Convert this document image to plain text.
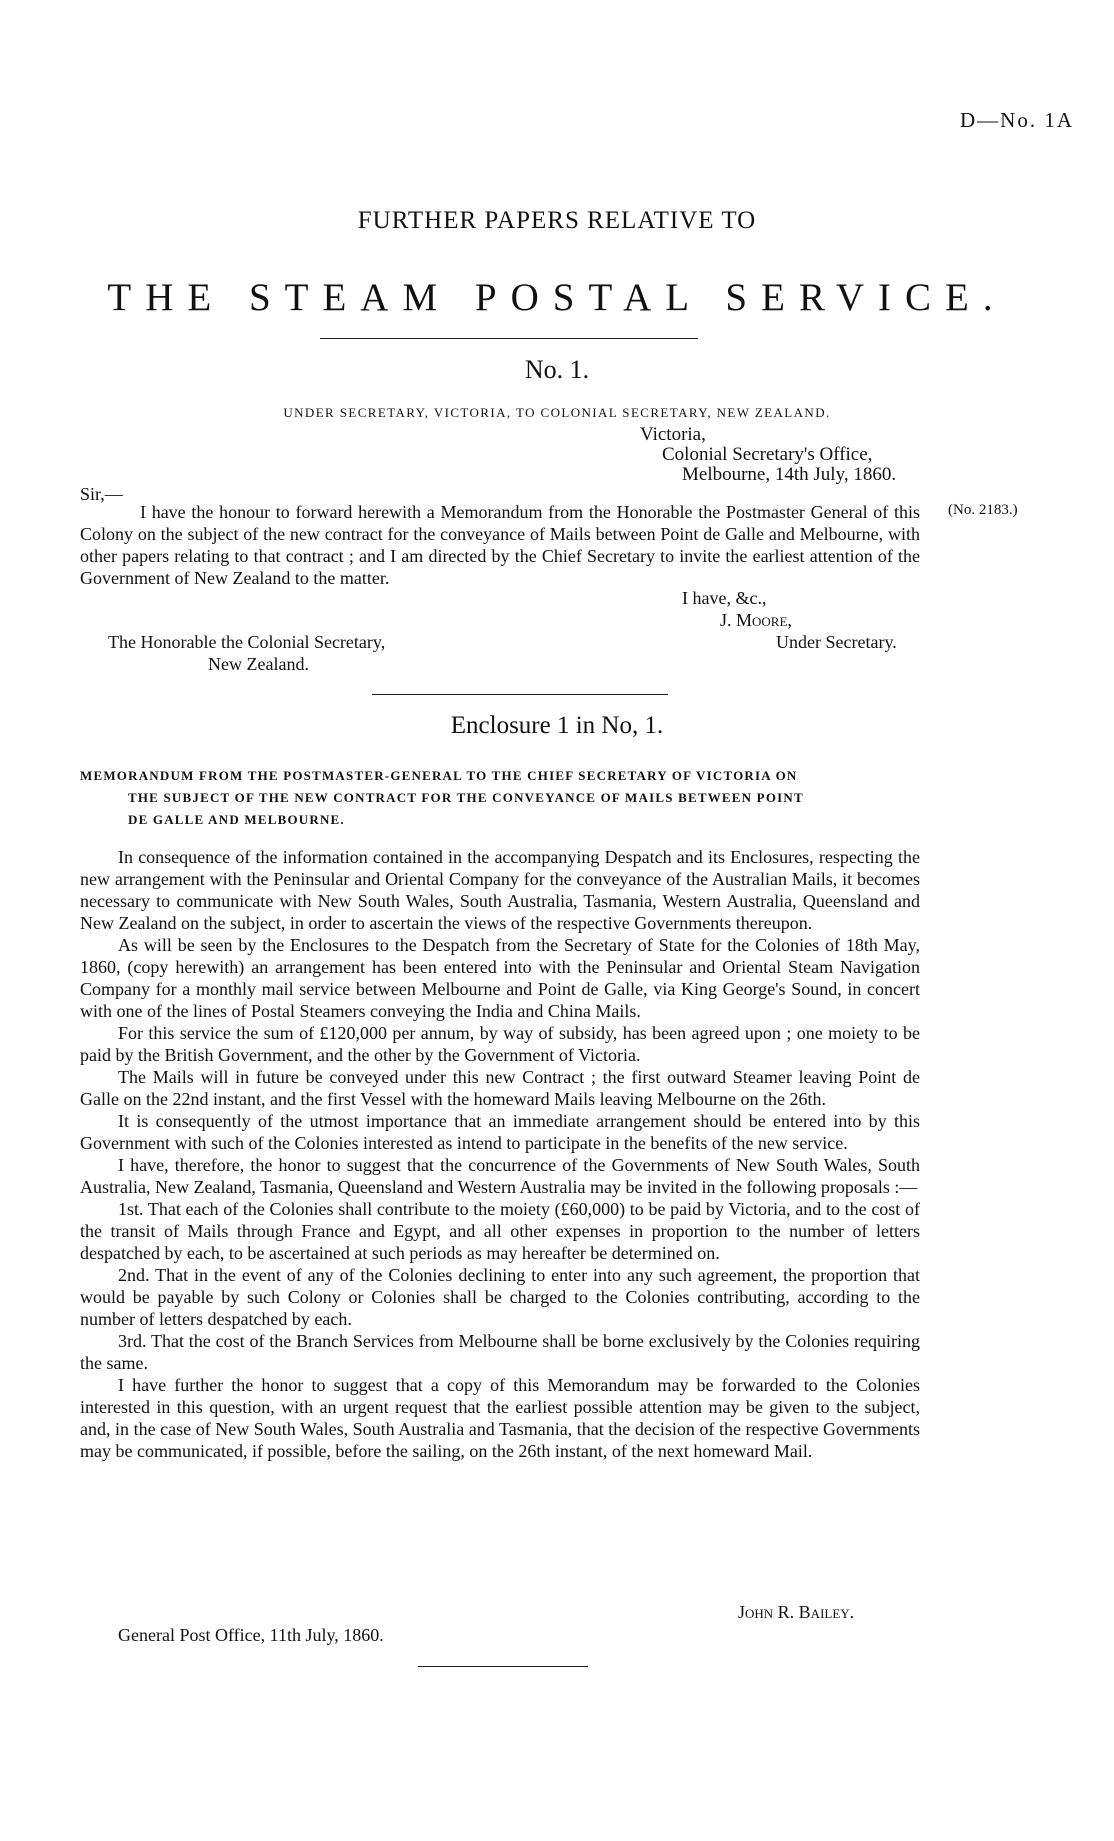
D—No. 1A
FURTHER PAPERS RELATIVE TO
THE STEAM POSTAL SERVICE.
No. 1.
UNDER SECRETARY, VICTORIA, TO COLONIAL SECRETARY, NEW ZEALAND.
Victoria,
Colonial Secretary's Office,
Melbourne, 14th July, 1860.
Sir,—
(No. 2183.)

I have the honour to forward herewith a Memorandum from the Honorable the Postmaster General of this Colony on the subject of the new contract for the conveyance of Mails between Point de Galle and Melbourne, with other papers relating to that contract ; and I am directed by the Chief Secretary to invite the earliest attention of the Government of New Zealand to the matter.

I have, &c.,
J. Moore,
The Honorable the Colonial Secretary,	Under Secretary.
New Zealand.
Enclosure 1 in No, 1.
MEMORANDUM FROM THE POSTMASTER-GENERAL TO THE CHIEF SECRETARY OF VICTORIA ON
THE SUBJECT OF THE NEW CONTRACT FOR THE CONVEYANCE OF MAILS BETWEEN POINT
DE GALLE AND MELBOURNE.

In consequence of the information contained in the accompanying Despatch and its Enclosures, respecting the new arrangement with the Peninsular and Oriental Company for the conveyance of the Australian Mails, it becomes necessary to communicate with New South Wales, South Australia, Tasmania, Western Australia, Queensland and New Zealand on the subject, in order to ascertain the views of the respective Governments thereupon.

As will be seen by the Enclosures to the Despatch from the Secretary of State for the Colonies of 18th May, 1860, (copy herewith) an arrangement has been entered into with the Peninsular and Oriental Steam Navigation Company for a monthly mail service between Melbourne and Point de Galle, via King George's Sound, in concert with one of the lines of Postal Steamers conveying the India and China Mails.

For this service the sum of £120,000 per annum, by way of subsidy, has been agreed upon ; one moiety to be paid by the British Government, and the other by the Government of Victoria.

The Mails will in future be conveyed under this new Contract ; the first outward Steamer leaving Point de Galle on the 22nd instant, and the first Vessel with the homeward Mails leaving Melbourne on the 26th.

It is consequently of the utmost importance that an immediate arrangement should be entered into by this Government with such of the Colonies interested as intend to participate in the benefits of the new service.

I have, therefore, the honor to suggest that the concurrence of the Governments of New South Wales, South Australia, New Zealand, Tasmania, Queensland and Western Australia may be invited in the following proposals :—

1st. That each of the Colonies shall contribute to the moiety (£60,000) to be paid by Victoria, and to the cost of the transit of Mails through France and Egypt, and all other expenses in proportion to the number of letters despatched by each, to be ascertained at such periods as may hereafter be determined on.

2nd. That in the event of any of the Colonies declining to enter into any such agreement, the proportion that would be payable by such Colony or Colonies shall be charged to the Colonies contributing, according to the number of letters despatched by each.

3rd. That the cost of the Branch Services from Melbourne shall be borne exclusively by the Colonies requiring the same.

I have further the honor to suggest that a copy of this Memorandum may be forwarded to the Colonies interested in this question, with an urgent request that the earliest possible attention may be given to the subject, and, in the case of New South Wales, South Australia and Tasmania, that the decision of the respective Governments may be communicated, if possible, before the sailing, on the 26th instant, of the next homeward Mail.

John R. Bailey.
General Post Office, 11th July, 1860.
